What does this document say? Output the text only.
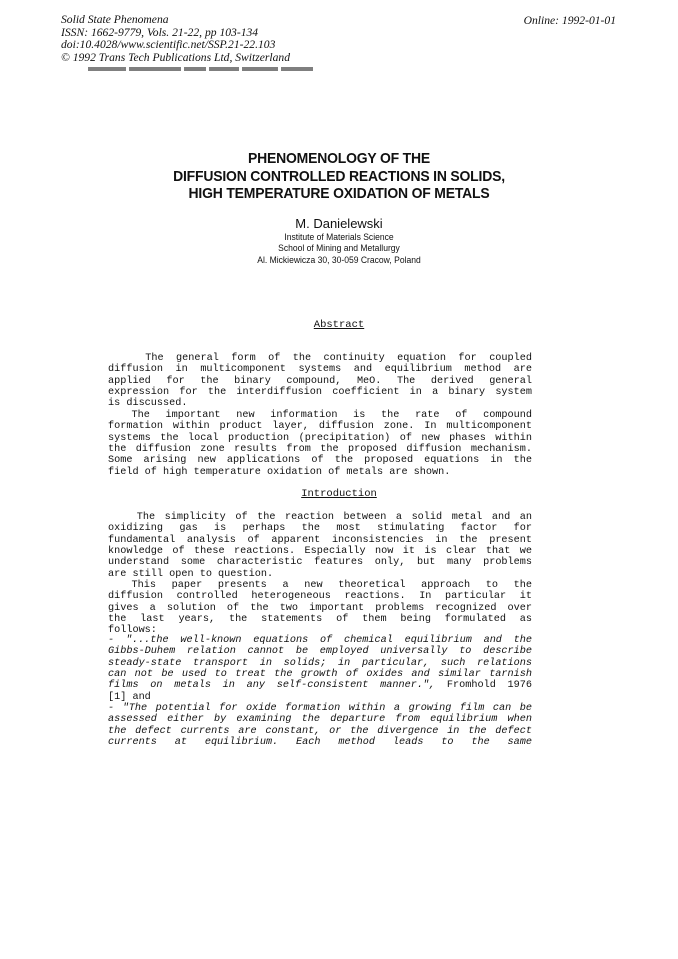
Solid State Phenomena
ISSN: 1662-9779, Vols. 21-22, pp 103-134
doi:10.4028/www.scientific.net/SSP.21-22.103
© 1992 Trans Tech Publications Ltd, Switzerland
Online: 1992-01-01
PHENOMENOLOGY OF THE
DIFFUSION CONTROLLED REACTIONS IN SOLIDS,
HIGH TEMPERATURE OXIDATION OF METALS
M. Danielewski
Institute of Materials Science
School of Mining and Metallurgy
Al. Mickiewicza 30, 30-059 Cracow, Poland
Abstract
The general form of the continuity equation for coupled
diffusion in multicomponent systems and equilibrium method are
applied for the binary compound, MeO. The derived general
expression for the interdiffusion coefficient in a binary system
is discussed.
The  important  new  information  is  the  rate  of  compound
formation within product layer, diffusion zone. In multicomponent
systems the local production (precipitation) of new phases within
the diffusion zone results from the proposed diffusion mechanism.
Some arising new applications of the proposed equations in the
field of high temperature oxidation of metals are shown.
Introduction
The simplicity of the reaction between a solid metal and an
oxidizing gas is perhaps the most stimulating factor for
fundamental analysis of apparent inconsistencies in the present
knowledge of these reactions. Especially now it is clear that we
understand some characteristic features only, but many problems
are still open to question.
This  paper  presents  a  new  theoretical  approach  to  the
diffusion controlled heterogeneous reactions. In particular it
gives a solution of the two important problems recognized over
the last years, the statements of them being formulated as
follows:
- "...the well-known equations of chemical equilibrium and the
Gibbs-Duhem relation cannot be employed universally to describe
steady-state transport in solids; in particular, such relations
can not be used to treat the growth of oxides and similar tarnish
films on metals in any self-consistent manner.", Fromhold 1976
[1] and
- "The potential for oxide formation within a growing film can be
assessed either by examining the departure from equilibrium when
the defect currents are constant, or the divergence in the defect
currents at equilibrium. Each method leads to the same
